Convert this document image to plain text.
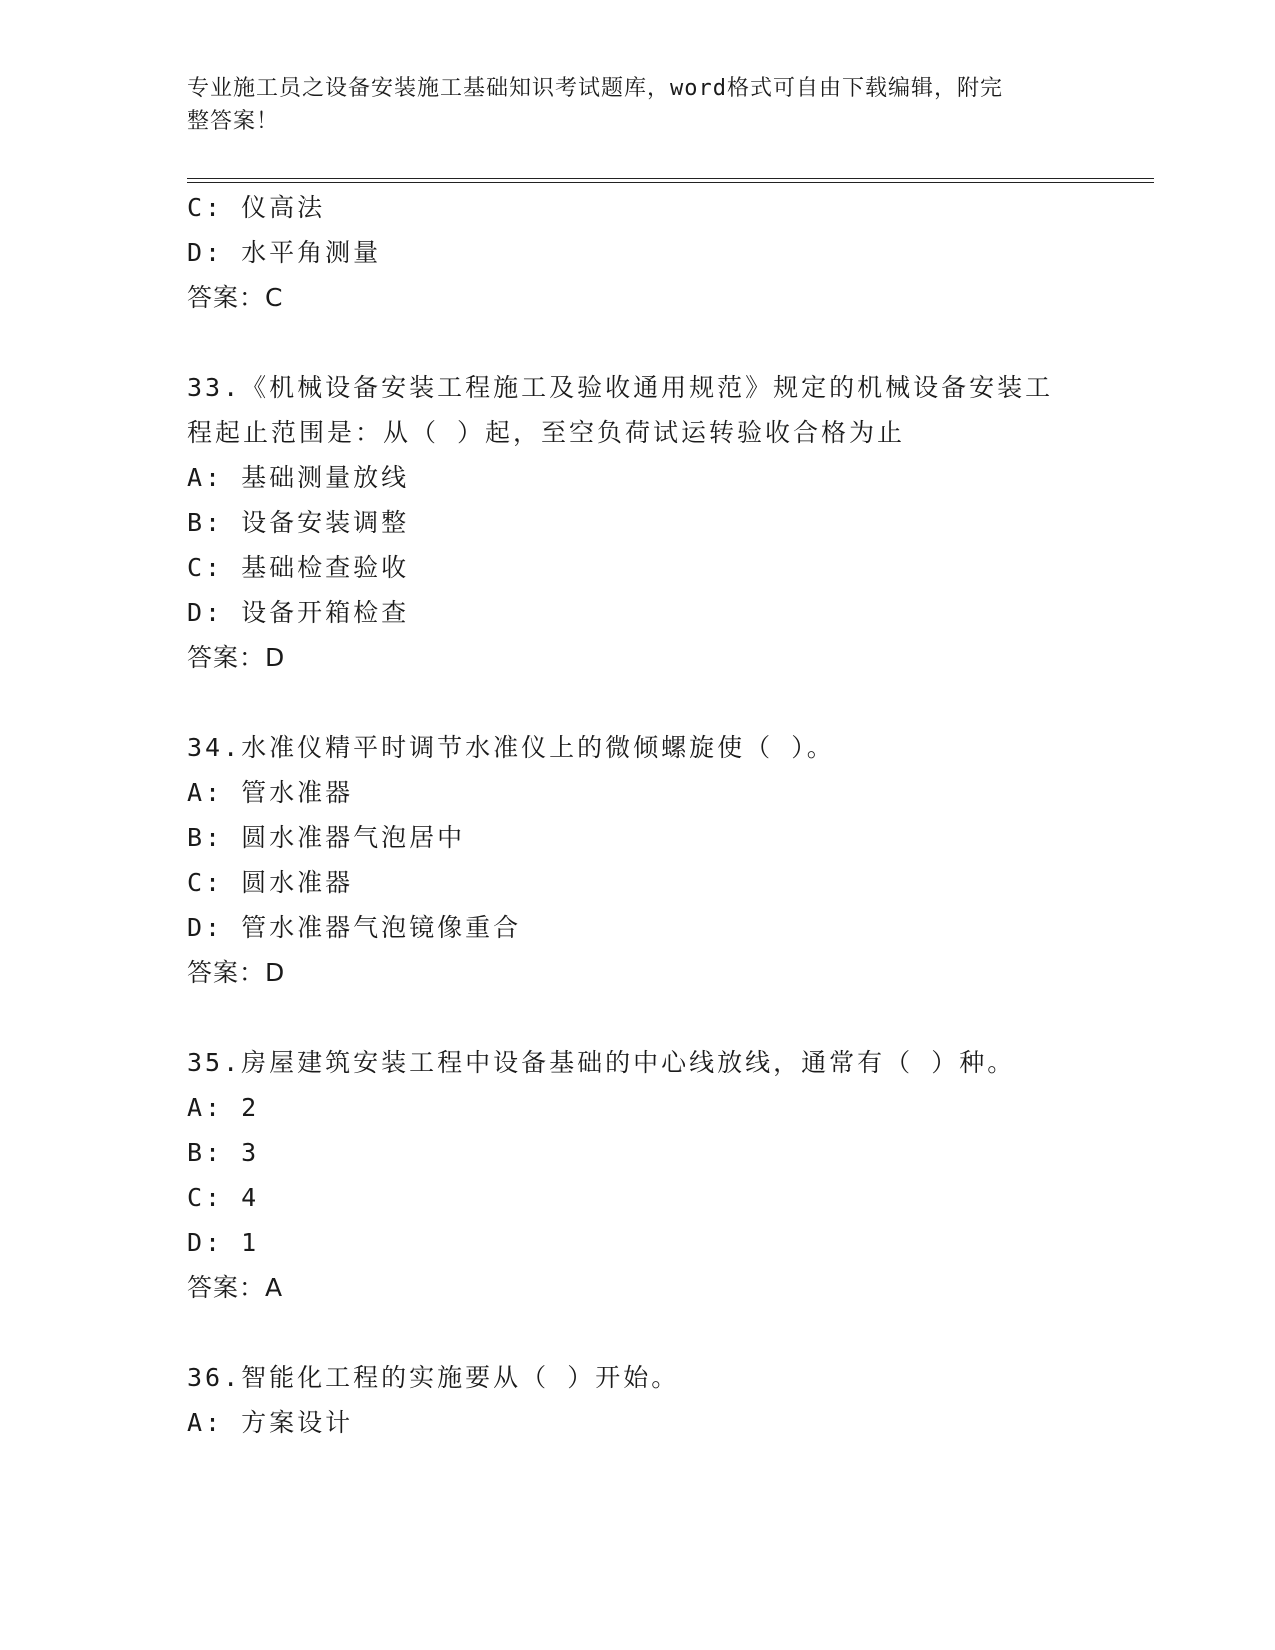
专业施工员之设备安装施工基础知识考试题库，word格式可自由下载编辑，附完
整答案！
C: 仪高法
D: 水平角测量
答案：C
33.《机械设备安装工程施工及验收通用规范》规定的机械设备安装工
程起止范围是：从（ ）起，至空负荷试运转验收合格为止
A: 基础测量放线
B: 设备安装调整
C: 基础检查验收
D: 设备开箱检查
答案：D
34.水准仪精平时调节水准仪上的微倾螺旋使（ ）。
A: 管水准器
B: 圆水准器气泡居中
C: 圆水准器
D: 管水准器气泡镜像重合
答案：D
35.房屋建筑安装工程中设备基础的中心线放线，通常有（ ）种。
A: 2
B: 3
C: 4
D: 1
答案：A
36.智能化工程的实施要从（ ）开始。
A: 方案设计
